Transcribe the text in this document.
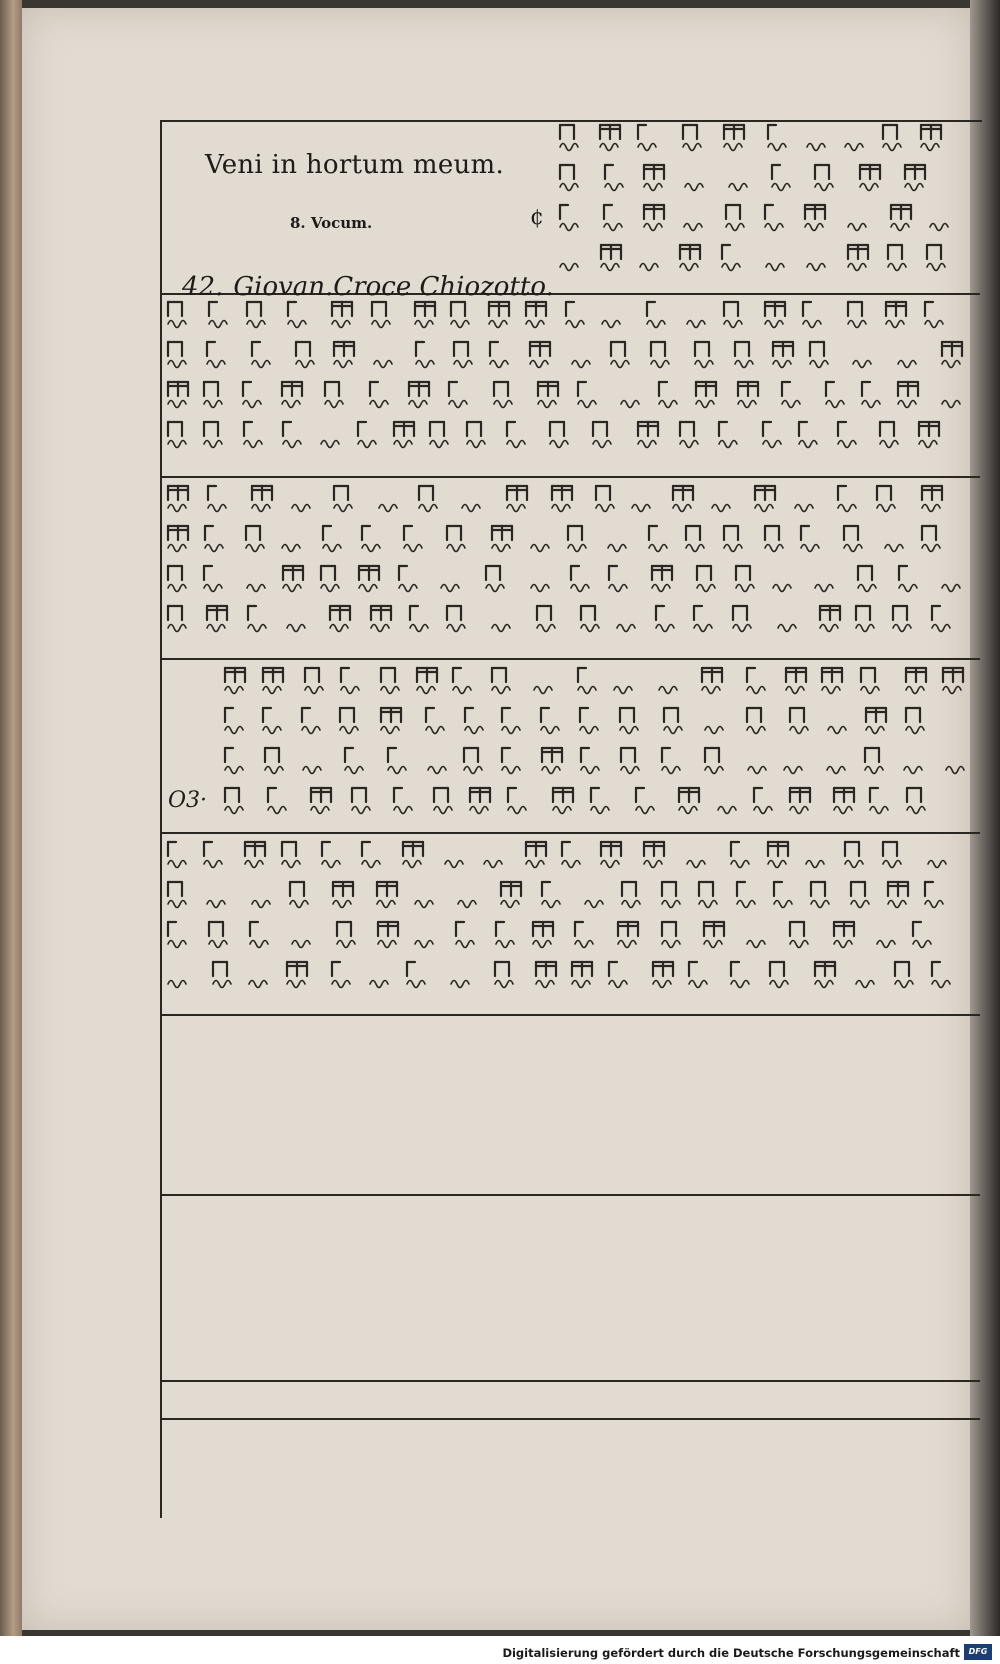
Veni in hortum meum.
8. Vocum.
42. Giovan.Croce Chiozotto.
¢
O3·
Digitalisierung gefördert durch die Deutsche Forschungsgemeinschaft	DFG
